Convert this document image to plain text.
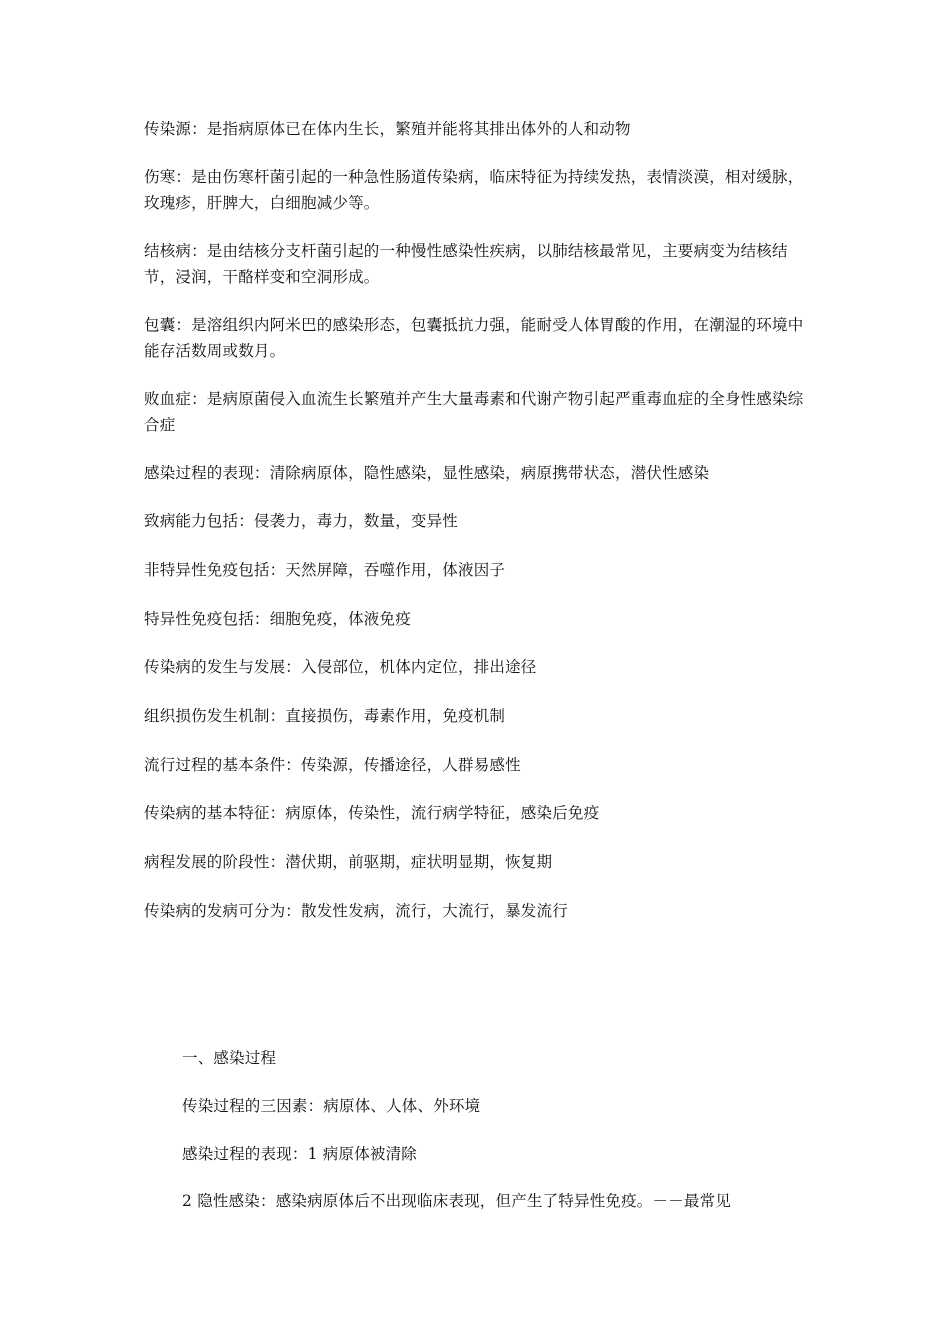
传染源：是指病原体已在体内生长，繁殖并能将其排出体外的人和动物

伤寒：是由伤寒杆菌引起的一种急性肠道传染病，临床特征为持续发热，表情淡漠，相对缓脉，玫瑰疹，肝脾大，白细胞减少等。

结核病：是由结核分支杆菌引起的一种慢性感染性疾病，以肺结核最常见，主要病变为结核结节，浸润，干酪样变和空洞形成。

包囊：是溶组织内阿米巴的感染形态，包囊抵抗力强，能耐受人体胃酸的作用，在潮湿的环境中能存活数周或数月。

败血症：是病原菌侵入血流生长繁殖并产生大量毒素和代谢产物引起严重毒血症的全身性感染综合症

感染过程的表现：清除病原体，隐性感染，显性感染，病原携带状态，潜伏性感染

致病能力包括：侵袭力，毒力，数量，变异性

非特异性免疫包括：天然屏障，吞噬作用，体液因子

特异性免疫包括：细胞免疫，体液免疫

传染病的发生与发展：入侵部位，机体内定位，排出途径

组织损伤发生机制：直接损伤，毒素作用，免疫机制

流行过程的基本条件：传染源，传播途径，人群易感性

传染病的基本特征：病原体，传染性，流行病学特征，感染后免疫

病程发展的阶段性：潜伏期，前驱期，症状明显期，恢复期

传染病的发病可分为：散发性发病，流行，大流行，暴发流行

一、感染过程

传染过程的三因素：病原体、人体、外环境

感染过程的表现：1 病原体被清除

2 隐性感染：感染病原体后不出现临床表现，但产生了特异性免疫。－－最常见
